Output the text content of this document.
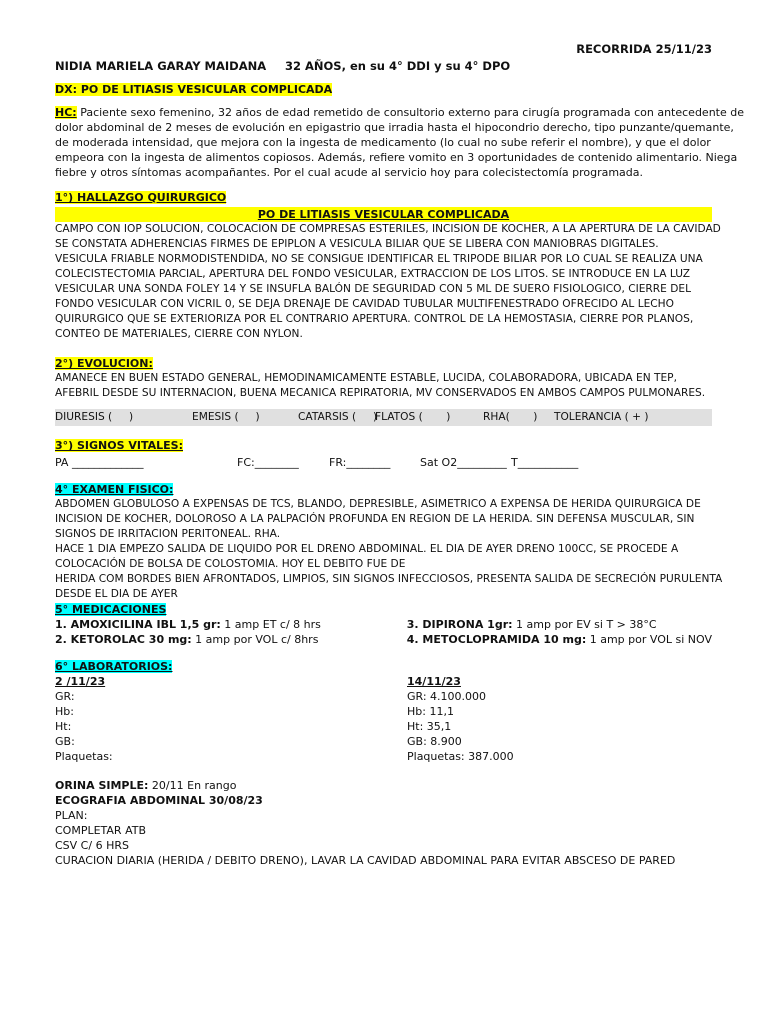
RECORRIDA 25/11/23
NIDIA MARIELA GARAY MAIDANA	32 AÑOS, en su 4° DDI y su 4° DPO
DX: PO DE LITIASIS VESICULAR COMPLICADA
HC: Paciente sexo femenino, 32 años de edad remetido de consultorio externo para cirugía programada con antecedente de
dolor abdominal de 2 meses de evolución en epigastrio que irradia hasta el hipocondrio derecho, tipo punzante/quemante,
de moderada intensidad, que mejora con la ingesta de medicamento (lo cual no sube referir el nombre), y que el dolor
empeora con la ingesta de alimentos copiosos. Además, refiere vomito en 3 oportunidades de contenido alimentario. Niega
fiebre y otros síntomas acompañantes. Por el cual acude al servicio hoy para colecistectomía programada.
1°) HALLAZGO QUIRURGICO
PO DE LITIASIS VESICULAR COMPLICADA
CAMPO CON IOP SOLUCION, COLOCACION DE COMPRESAS ESTERILES, INCISION DE KOCHER, A LA APERTURA DE LA CAVIDAD
SE CONSTATA ADHERENCIAS FIRMES DE EPIPLON A VESICULA BILIAR QUE SE LIBERA CON MANIOBRAS DIGITALES.
VESICULA FRIABLE NORMODISTENDIDA, NO SE CONSIGUE IDENTIFICAR EL TRIPODE BILIAR POR LO CUAL SE REALIZA UNA
COLECISTECTOMIA PARCIAL, APERTURA DEL FONDO VESICULAR, EXTRACCION DE LOS LITOS. SE INTRODUCE EN LA LUZ
VESICULAR UNA SONDA FOLEY 14 Y SE INSUFLA BALÓN DE SEGURIDAD CON 5 ML DE SUERO FISIOLOGICO, CIERRE DEL
FONDO VESICULAR CON VICRIL 0, SE DEJA DRENAJE DE CAVIDAD TUBULAR MULTIFENESTRADO OFRECIDO AL LECHO
QUIRURGICO QUE SE EXTERIORIZA POR EL CONTRARIO APERTURA. CONTROL DE LA HEMOSTASIA, CIERRE POR PLANOS,
CONTEO DE MATERIALES, CIERRE CON NYLON.
2°) EVOLUCION:
AMANECE EN BUEN ESTADO GENERAL, HEMODINAMICAMENTE ESTABLE, LUCIDA, COLABORADORA, UBICADA EN TEP,
AFEBRIL DESDE SU INTERNACION, BUENA MECANICA REPIRATORIA, MV CONSERVADOS EN AMBOS CAMPOS PULMONARES.
DIURESIS (     )	EMESIS (     )	CATARSIS (     )
FLATOS (       )	RHA(       )	TOLERANCIA ( + )
3°) SIGNOS VITALES:
PA _____________	FC:________	FR:________	Sat O2_________ T___________
4° EXAMEN FISICO:
ABDOMEN GLOBULOSO A EXPENSAS DE TCS, BLANDO, DEPRESIBLE, ASIMETRICO A EXPENSA DE HERIDA QUIRURGICA DE
INCISION DE KOCHER, DOLOROSO A LA PALPACIÓN PROFUNDA EN REGION DE LA HERIDA. SIN DEFENSA MUSCULAR, SIN
SIGNOS DE IRRITACION PERITONEAL. RHA.
HACE 1 DIA EMPEZO SALIDA DE LIQUIDO POR EL DRENO ABDOMINAL. EL DIA DE AYER DRENO 100CC, SE PROCEDE A
COLOCACIÓN DE BOLSA DE COLOSTOMIA. HOY EL DEBITO FUE DE
HERIDA COM BORDES BIEN AFRONTADOS, LIMPIOS, SIN SIGNOS INFECCIOSOS, PRESENTA SALIDA DE SECRECIÓN PURULENTA
DESDE EL DIA DE AYER
5° MEDICACIONES
1. AMOXICILINA IBL 1,5 gr: 1 amp ET c/ 8 hrs
2. KETOROLAC 30 mg: 1 amp por VOL c/ 8hrs
3. DIPIRONA 1gr: 1 amp por EV si T > 38°C
4. METOCLOPRAMIDA 10 mg: 1 amp por VOL si NOV
6° LABORATORIOS:
2 /11/23
GR:
Hb:
Ht:
GB:
Plaquetas:
14/11/23
GR: 4.100.000
Hb: 11,1
Ht: 35,1
GB: 8.900
Plaquetas: 387.000
ORINA SIMPLE: 20/11 En rango
ECOGRAFIA ABDOMINAL 30/08/23
PLAN:
COMPLETAR ATB
CSV C/ 6 HRS
CURACION DIARIA (HERIDA / DEBITO DRENO), LAVAR LA CAVIDAD ABDOMINAL PARA EVITAR ABSCESO DE PARED
